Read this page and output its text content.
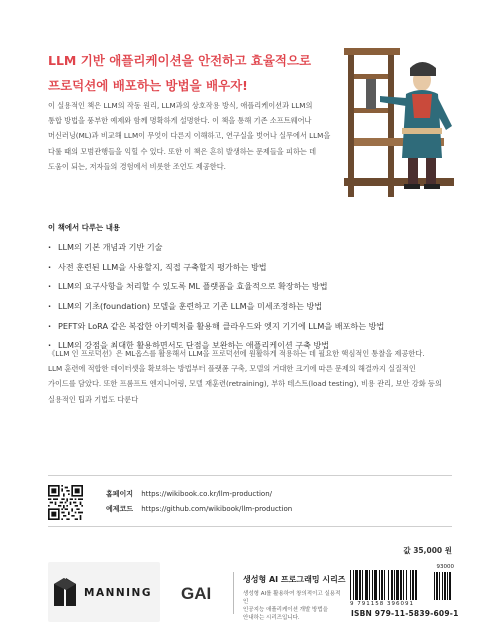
LLM 기반 애플리케이션을 안전하고 효율적으로
프로덕션에 배포하는 방법을 배우자!
이 실용적인 책은 LLM의 작동 원리, LLM과의 상호작용 방식, 애플리케이션과 LLM의
통합 방법을 풍부한 예제와 함께 명확하게 설명한다. 이 책을 통해 기존 소프트웨어나
머신러닝(ML)과 비교해 LLM이 무엇이 다른지 이해하고, 연구실을 벗어나 실무에서 LLM을
다룰 때의 모범관행들을 익힐 수 있다. 또한 이 책은 흔히 발생하는 문제들을 피하는 데
도움이 되는, 저자들의 경험에서 비롯한 조언도 제공한다.
이 책에서 다루는 내용
· LLM의 기본 개념과 기반 기술
· 사전 훈련된 LLM을 사용할지, 직접 구축할지 평가하는 방법
· LLM의 요구사항을 처리할 수 있도록 ML 플랫폼을 효율적으로 확장하는 방법
· LLM의 기초(foundation) 모델을 훈련하고 기존 LLM을 미세조정하는 방법
· PEFT와 LoRA 같은 복잡한 아키텍처를 활용해 클라우드와 엣지 기기에 LLM을 배포하는 방법
· LLM의 강점을 최대한 활용하면서도 단점을 보완하는 애플리케이션 구축 방법
《LLM 인 프로덕션》은 ML옵스를 활용해서 LLM을 프로덕션에 원활하게 적용하는 데 필요한 핵심적인 통찰을 제공한다.
LLM 훈련에 적합한 데이터셋을 확보하는 방법부터 플랫폼 구축, 모델의 거대한 크기에 따른 문제의 해결까지 실질적인
가이드를 담았다. 또한 프롬프트 엔지니어링, 모델 재훈련(retraining), 부하 테스트(load testing), 비용 관리, 보안 강화 등의
실용적인 팁과 기법도 다룬다
홈페이지 https://wikibook.co.kr/llm-production/
예제코드 https://github.com/wikibook/llm-production
값 35,000 원
MANNING GAI
생성형 AI 프로그래밍 시리즈
생성형 AI를 활용하여 창의적이고 실용적인
인공지능 애플리케이션 개발 방법을
안내하는 시리즈입니다.
93000
9 791158 396091
ISBN 979-11-5839-609-1
